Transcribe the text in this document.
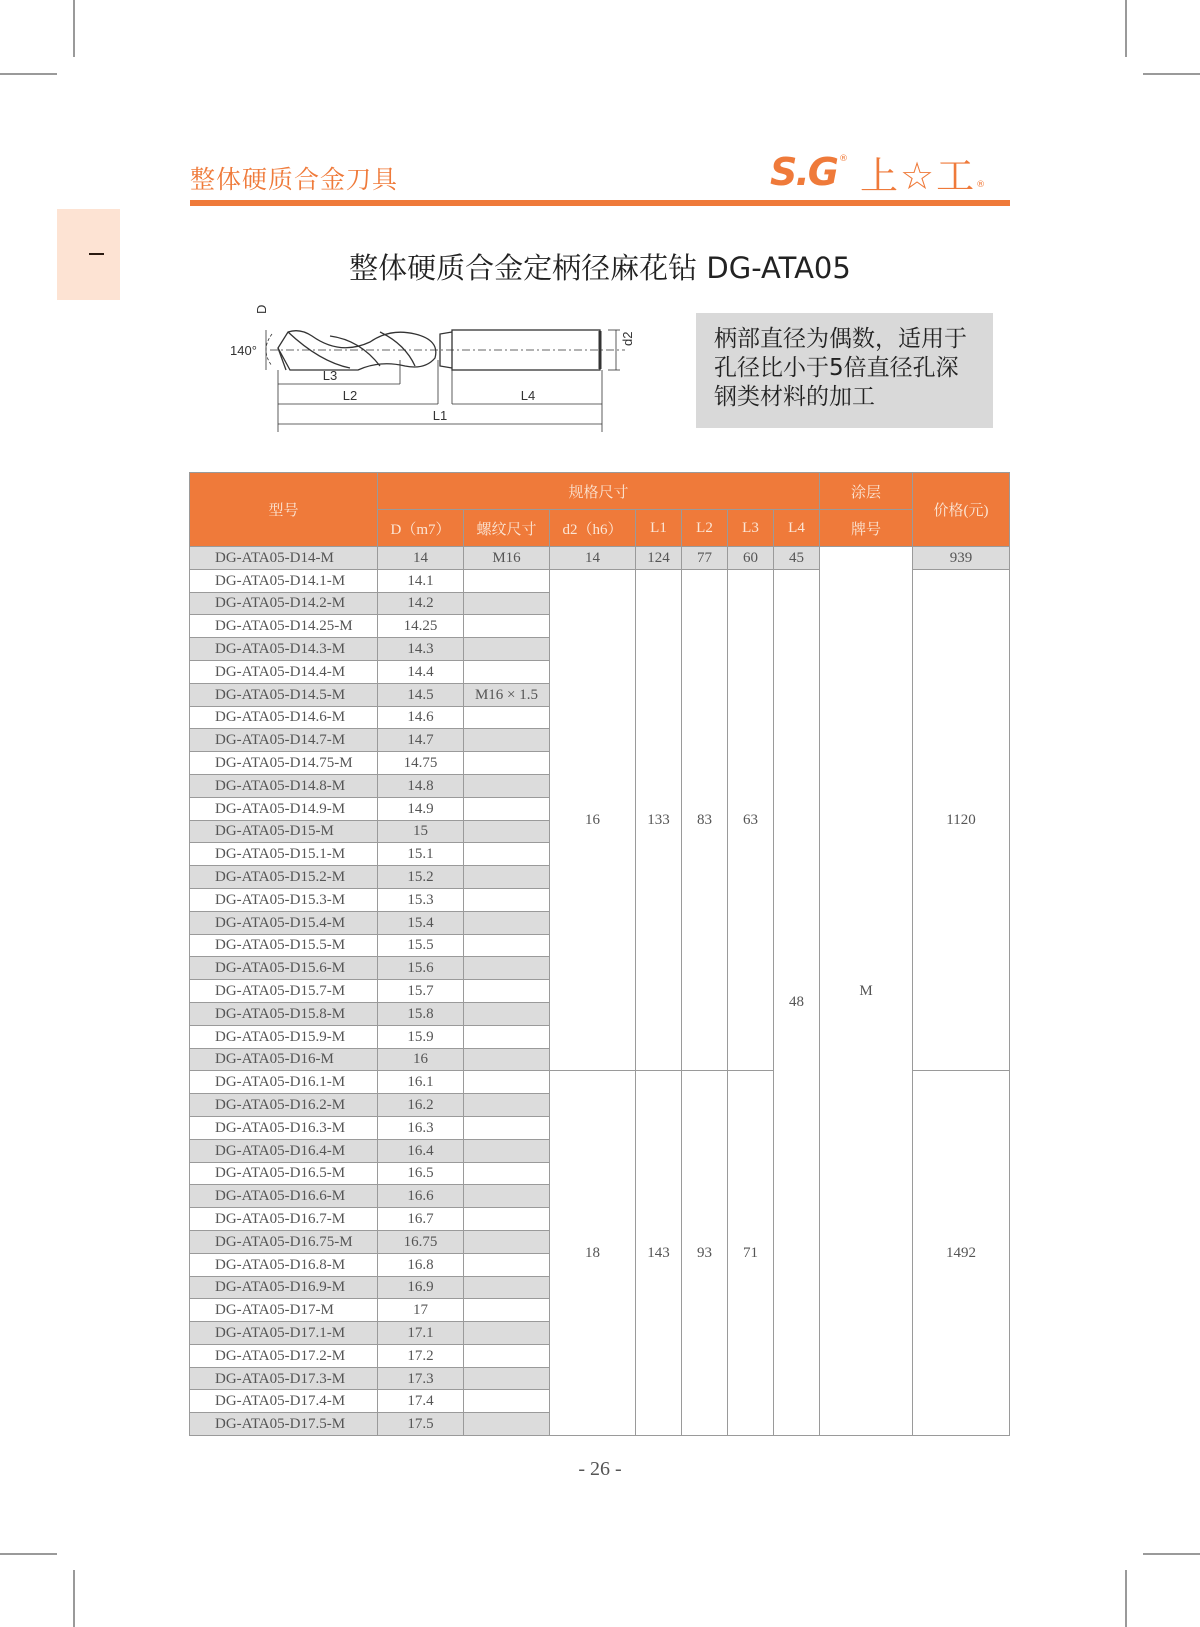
整体硬质合金刀具	S.G ® 上☆工 ®
整体硬质合金定柄径麻花钻 DG-ATA05
L3
L2	L4
L1
140°
D
d2	柄部直径为偶数，适用于孔径比小于5倍直径孔深钢类材料的加工
型号	规格尺寸							涂层	价格(元)
	D（m7）	螺纹尺寸	d2（h6）	L1	L2	L3	L4	牌号	
DG-ATA05-D14-M	14	M16	14	124	77	60	45	M	939
DG-ATA05-D14.1-M	14.1		16	133	83	63	48		1120
DG-ATA05-D14.2-M	14.2								
DG-ATA05-D14.25-M	14.25								
DG-ATA05-D14.3-M	14.3								
DG-ATA05-D14.4-M	14.4								
DG-ATA05-D14.5-M	14.5	M16 × 1.5							
DG-ATA05-D14.6-M	14.6								
DG-ATA05-D14.7-M	14.7								
DG-ATA05-D14.75-M	14.75								
DG-ATA05-D14.8-M	14.8								
DG-ATA05-D14.9-M	14.9								
DG-ATA05-D15-M	15								
DG-ATA05-D15.1-M	15.1								
DG-ATA05-D15.2-M	15.2								
DG-ATA05-D15.3-M	15.3								
DG-ATA05-D15.4-M	15.4								
DG-ATA05-D15.5-M	15.5								
DG-ATA05-D15.6-M	15.6								
DG-ATA05-D15.7-M	15.7								
DG-ATA05-D15.8-M	15.8								
DG-ATA05-D15.9-M	15.9								
DG-ATA05-D16-M	16								
DG-ATA05-D16.1-M	16.1		18	143	93	71			1492
DG-ATA05-D16.2-M	16.2								
DG-ATA05-D16.3-M	16.3								
DG-ATA05-D16.4-M	16.4								
DG-ATA05-D16.5-M	16.5								
DG-ATA05-D16.6-M	16.6								
DG-ATA05-D16.7-M	16.7								
DG-ATA05-D16.75-M	16.75								
DG-ATA05-D16.8-M	16.8								
DG-ATA05-D16.9-M	16.9								
DG-ATA05-D17-M	17								
DG-ATA05-D17.1-M	17.1								
DG-ATA05-D17.2-M	17.2								
DG-ATA05-D17.3-M	17.3								
DG-ATA05-D17.4-M	17.4								
DG-ATA05-D17.5-M	17.5								
- 26 -
